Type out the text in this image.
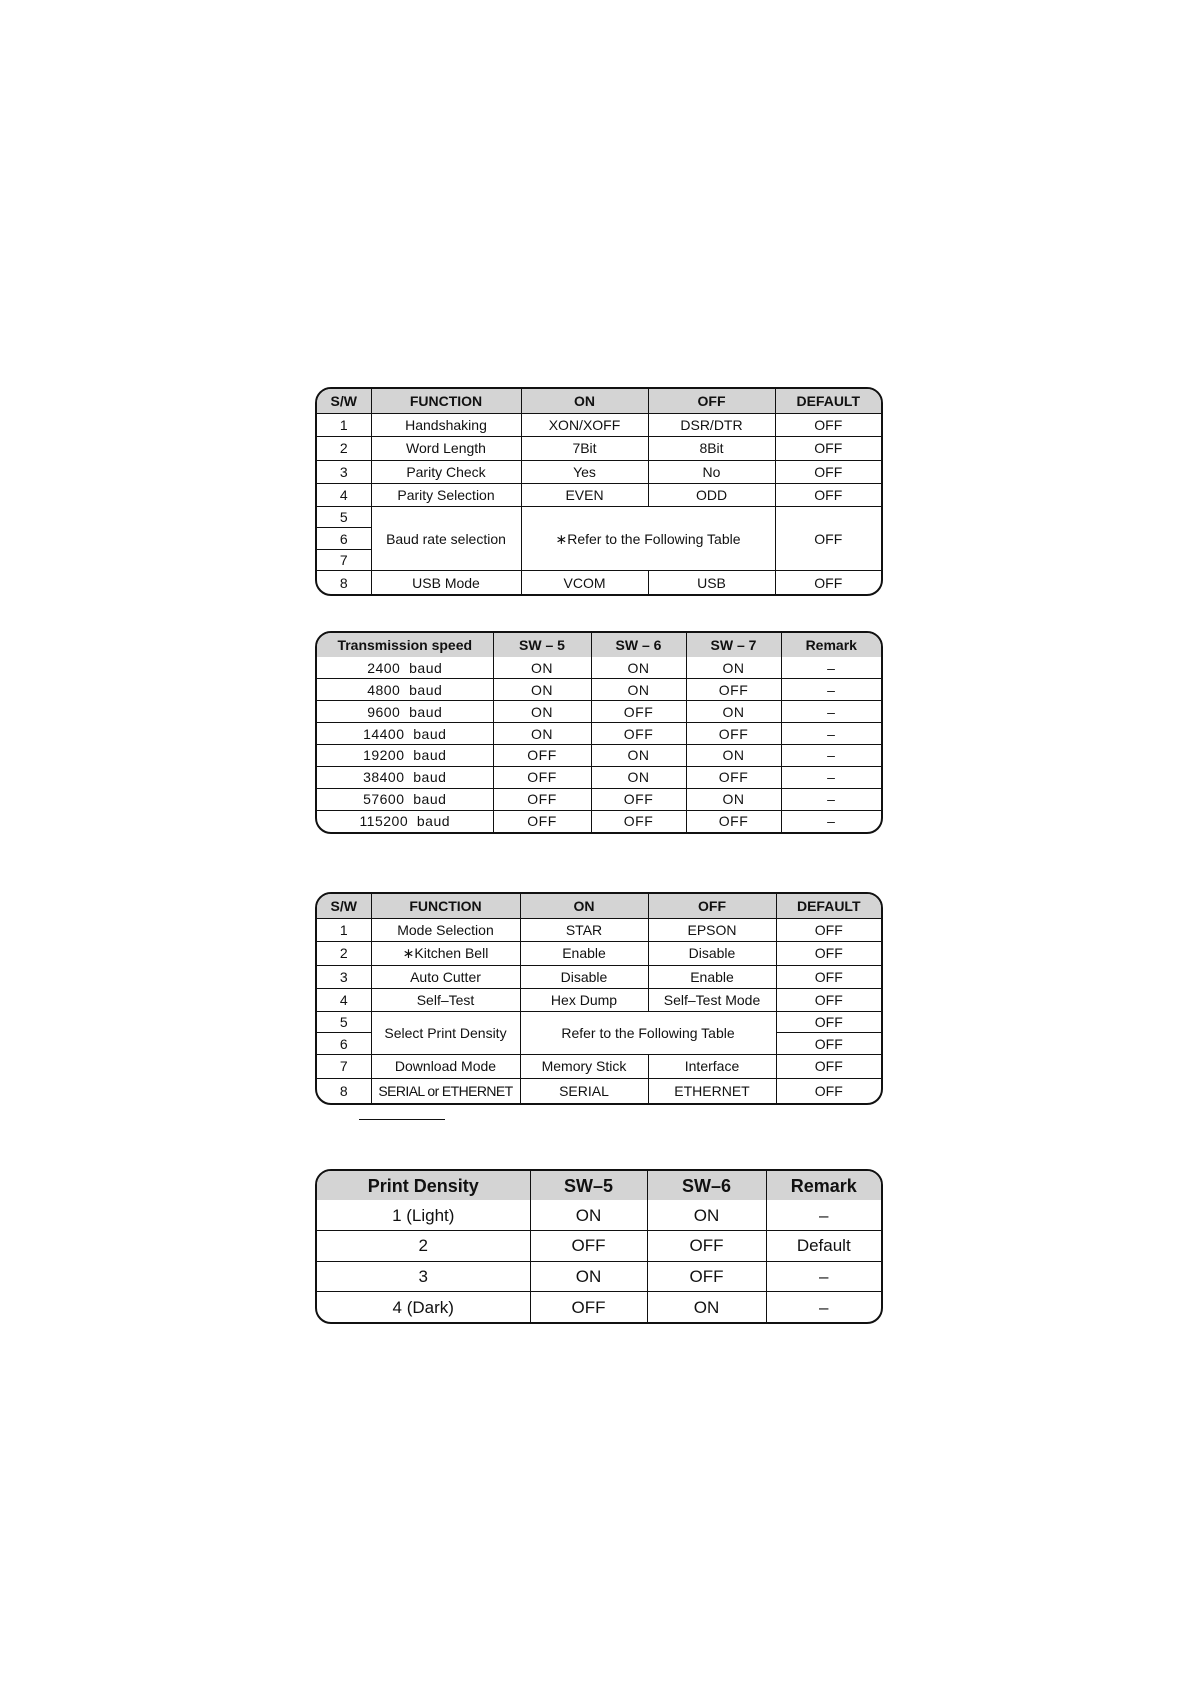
S/W	FUNCTION	ON	OFF	DEFAULT
1	Handshaking	XON/XOFF	DSR/DTR	OFF
2	Word Length	7Bit	8Bit	OFF
3	Parity Check	Yes	No	OFF
4	Parity Selection	EVEN	ODD	OFF
5	Baud rate selection	∗Refer to the Following Table		OFF
6				
7				
8	USB Mode	VCOM	USB	OFF
Transmission speed	SW – 5	SW – 6	SW – 7	Remark
2400  baud	ON	ON	ON	–
4800  baud	ON	ON	OFF	–
9600  baud	ON	OFF	ON	–
14400  baud	ON	OFF	OFF	–
19200  baud	OFF	ON	ON	–
38400  baud	OFF	ON	OFF	–
57600  baud	OFF	OFF	ON	–
115200  baud	OFF	OFF	OFF	–
S/W	FUNCTION	ON	OFF	DEFAULT
1	Mode Selection	STAR	EPSON	OFF
2	∗Kitchen Bell	Enable	Disable	OFF
3	Auto Cutter	Disable	Enable	OFF
4	Self–Test	Hex Dump	Self–Test Mode	OFF
5	Select Print Density	Refer to the Following Table		OFF
6				OFF
7	Download Mode	Memory Stick	Interface	OFF
8	SERIAL or ETHERNET	SERIAL	ETHERNET	OFF
Print Density	SW–5	SW–6	Remark
1 (Light)	ON	ON	–
2	OFF	OFF	Default
3	ON	OFF	–
4 (Dark)	OFF	ON	–
